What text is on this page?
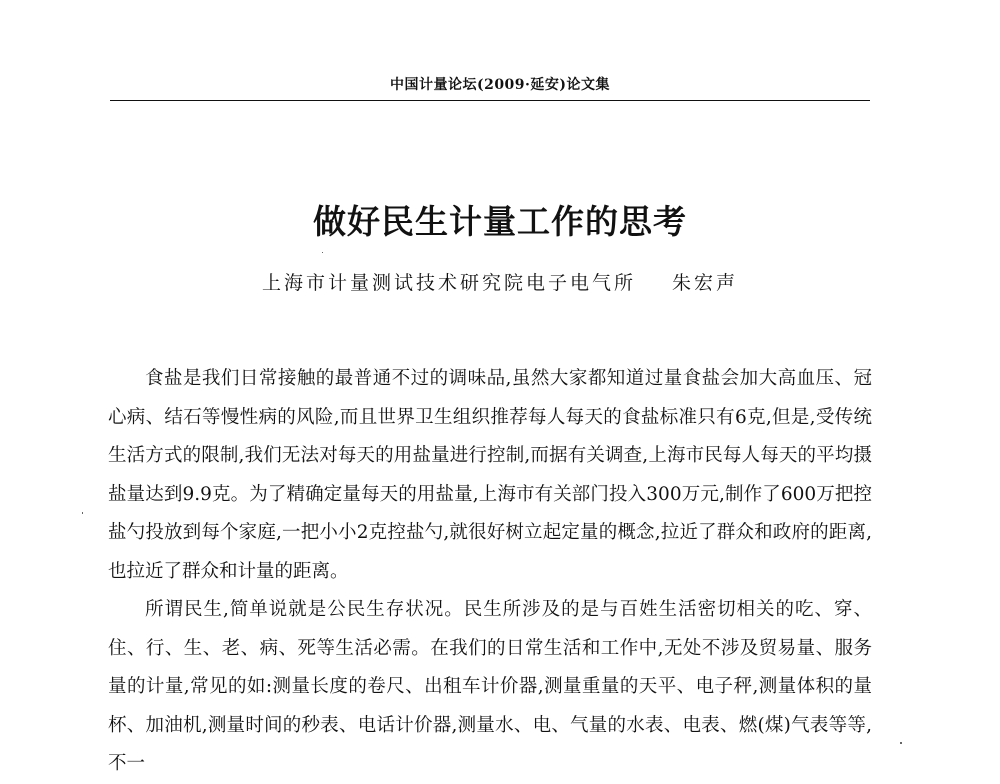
中国计量论坛(2009·延安)论文集
做好民生计量工作的思考
上海市计量测试技术研究院电子电气所 朱宏声

食盐是我们日常接触的最普通不过的调味品,虽然大家都知道过量食盐会加大高血压、冠心病、结石等慢性病的风险,而且世界卫生组织推荐每人每天的食盐标准只有6克,但是,受传统生活方式的限制,我们无法对每天的用盐量进行控制,而据有关调查,上海市民每人每天的平均摄盐量达到9.9克。为了精确定量每天的用盐量,上海市有关部门投入300万元,制作了600万把控盐勺投放到每个家庭,一把小小2克控盐勺,就很好树立起定量的概念,拉近了群众和政府的距离,也拉近了群众和计量的距离。

所谓民生,简单说就是公民生存状况。民生所涉及的是与百姓生活密切相关的吃、穿、住、行、生、老、病、死等生活必需。在我们的日常生活和工作中,无处不涉及贸易量、服务量的计量,常见的如:测量长度的卷尺、出租车计价器,测量重量的天平、电子秤,测量体积的量杯、加油机,测量时间的秒表、电话计价器,测量水、电、气量的水表、电表、燃(煤)气表等等,不一
